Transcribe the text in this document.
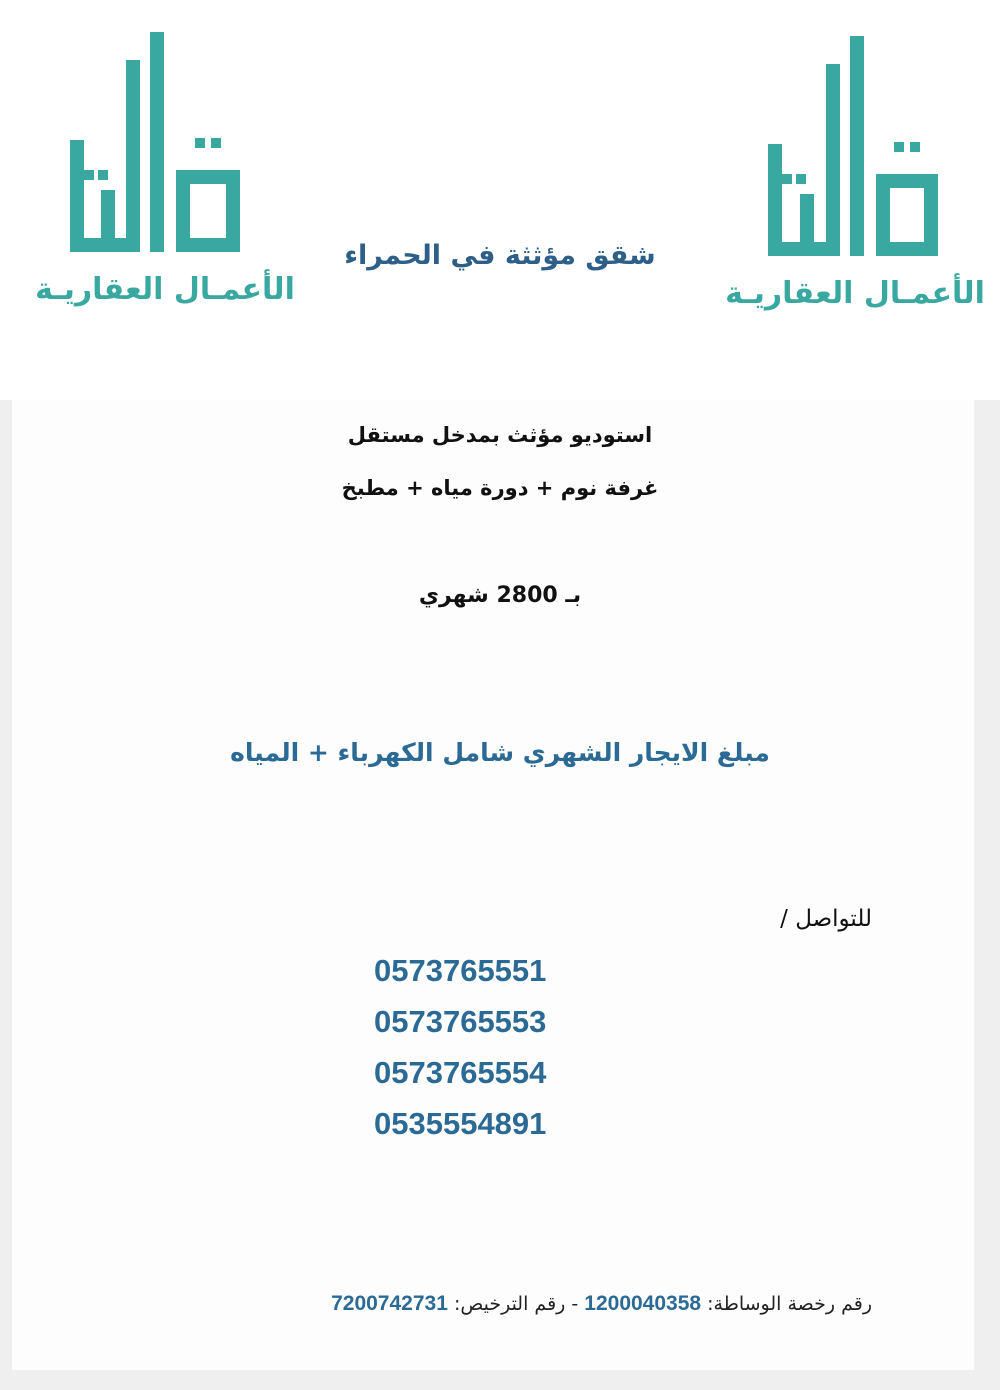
الأعمـال العقاريـة
شقق مؤثثة في الحمراء
الأعمـال العقاريـة
استوديو مؤثث بمدخل مستقل
غرفة نوم + دورة مياه + مطبخ
بـ 2800 شهري
مبلغ الايجار الشهري شامل الكهرباء + المياه
للتواصل /
0573765551
0573765553
0573765554
0535554891
رقم رخصة الوساطة: 1200040358 - رقم الترخيص: 7200742731
